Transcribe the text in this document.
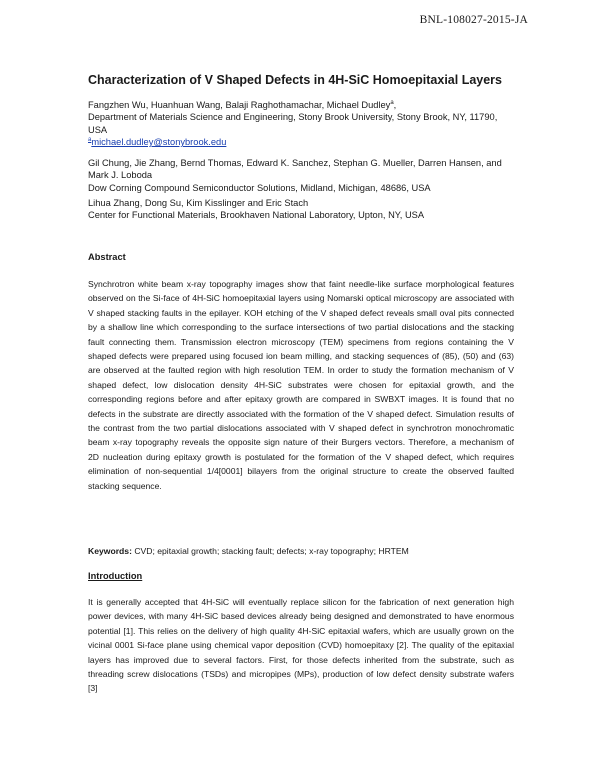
BNL-108027-2015-JA
Characterization of V Shaped Defects in 4H-SiC Homoepitaxial Layers
Fangzhen Wu, Huanhuan Wang, Balaji Raghothamachar, Michael Dudley$^a$,
Department of Materials Science and Engineering, Stony Brook University, Stony Brook, NY, 11790, USA
$^a$michael.dudley@stonybrook.edu
Gil Chung, Jie Zhang, Bernd Thomas, Edward K. Sanchez, Stephan G. Mueller, Darren Hansen, and Mark J. Loboda
Dow Corning Compound Semiconductor Solutions, Midland, Michigan, 48686, USA
Lihua Zhang, Dong Su, Kim Kisslinger and Eric Stach
Center for Functional Materials, Brookhaven National Laboratory, Upton, NY, USA
Abstract
Synchrotron white beam x-ray topography images show that faint needle-like surface morphological features observed on the Si-face of 4H-SiC homoepitaxial layers using Nomarski optical microscopy are associated with V shaped stacking faults in the epilayer. KOH etching of the V shaped defect reveals small oval pits connected by a shallow line which corresponding to the surface intersections of two partial dislocations and the stacking fault connecting them. Transmission electron microscopy (TEM) specimens from regions containing the V shaped defects were prepared using focused ion beam milling, and stacking sequences of (85), (50) and (63) are observed at the faulted region with high resolution TEM. In order to study the formation mechanism of V shaped defect, low dislocation density 4H-SiC substrates were chosen for epitaxial growth, and the corresponding regions before and after epitaxy growth are compared in SWBXT images. It is found that no defects in the substrate are directly associated with the formation of the V shaped defect. Simulation results of the contrast from the two partial dislocations associated with V shaped defect in synchrotron monochromatic beam x-ray topography reveals the opposite sign nature of their Burgers vectors. Therefore, a mechanism of 2D nucleation during epitaxy growth is postulated for the formation of the V shaped defect, which requires elimination of non-sequential 1/4[0001] bilayers from the original structure to create the observed faulted stacking sequence.
Keywords: CVD; epitaxial growth; stacking fault; defects; x-ray topography; HRTEM
Introduction
It is generally accepted that 4H-SiC will eventually replace silicon for the fabrication of next generation high power devices, with many 4H-SiC based devices already being designed and demonstrated to have enormous potential [1]. This relies on the delivery of high quality 4H-SiC epitaxial wafers, which are usually grown on the vicinal 0001 Si-face plane using chemical vapor deposition (CVD) homoepitaxy [2]. The quality of the epitaxial layers has improved due to several factors. First, for those defects inherited from the substrate, such as threading screw dislocations (TSDs) and micropipes (MPs), production of low defect density substrate wafers [3]
